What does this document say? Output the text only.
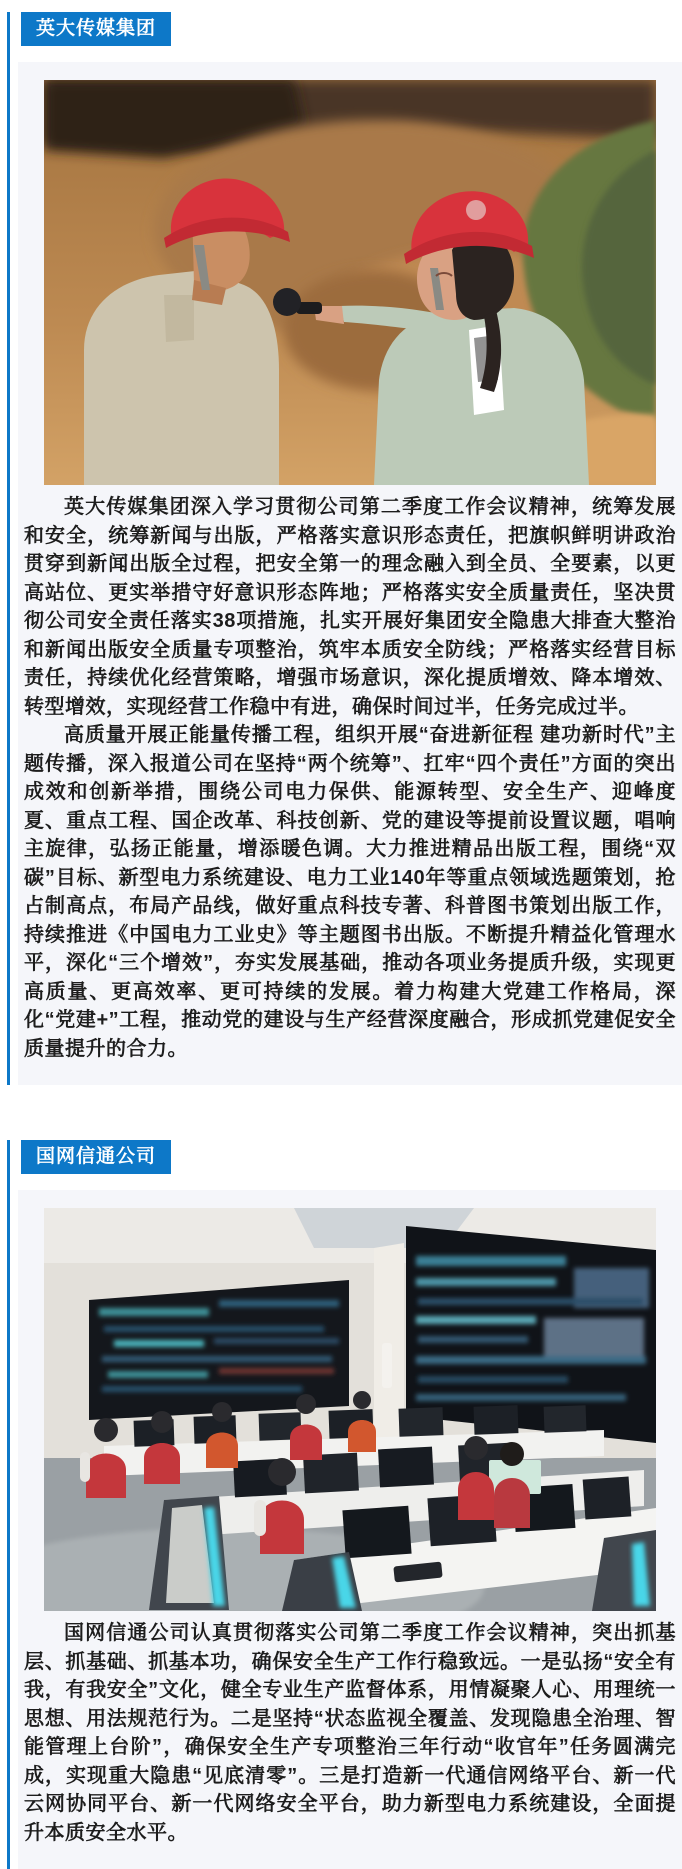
英大传媒集团

英大传媒集团深入学习贯彻公司第二季度工作会议精神，统筹发展和安全，统筹新闻与出版，严格落实意识形态责任，把旗帜鲜明讲政治贯穿到新闻出版全过程，把安全第一的理念融入到全员、全要素，以更高站位、更实举措守好意识形态阵地；严格落实安全质量责任，坚决贯彻公司安全责任落实38项措施，扎实开展好集团安全隐患大排查大整治和新闻出版安全质量专项整治，筑牢本质安全防线；严格落实经营目标责任，持续优化经营策略，增强市场意识，深化提质增效、降本增效、转型增效，实现经营工作稳中有进，确保时间过半，任务完成过半。

高质量开展正能量传播工程，组织开展“奋进新征程 建功新时代”主题传播，深入报道公司在坚持“两个统筹”、扛牢“四个责任”方面的突出成效和创新举措，围绕公司电力保供、能源转型、安全生产、迎峰度夏、重点工程、国企改革、科技创新、党的建设等提前设置议题，唱响主旋律，弘扬正能量，增添暖色调。大力推进精品出版工程，围绕“双碳”目标、新型电力系统建设、电力工业140年等重点领域选题策划，抢占制高点，布局产品线，做好重点科技专著、科普图书策划出版工作，持续推进《中国电力工业史》等主题图书出版。不断提升精益化管理水平，深化“三个增效”，夯实发展基础，推动各项业务提质升级，实现更高质量、更高效率、更可持续的发展。着力构建大党建工作格局，深化“党建+”工程，推动党的建设与生产经营深度融合，形成抓党建促安全质量提升的合力。

国网信通公司

国网信通公司认真贯彻落实公司第二季度工作会议精神，突出抓基层、抓基础、抓基本功，确保安全生产工作行稳致远。一是弘扬“安全有我，有我安全”文化，健全专业生产监督体系，用情凝聚人心、用理统一思想、用法规范行为。二是坚持“状态监视全覆盖、发现隐患全治理、智能管理上台阶”，确保安全生产专项整治三年行动“收官年”任务圆满完成，实现重大隐患“见底清零”。三是打造新一代通信网络平台、新一代云网协同平台、新一代网络安全平台，助力新型电力系统建设，全面提升本质安全水平。
